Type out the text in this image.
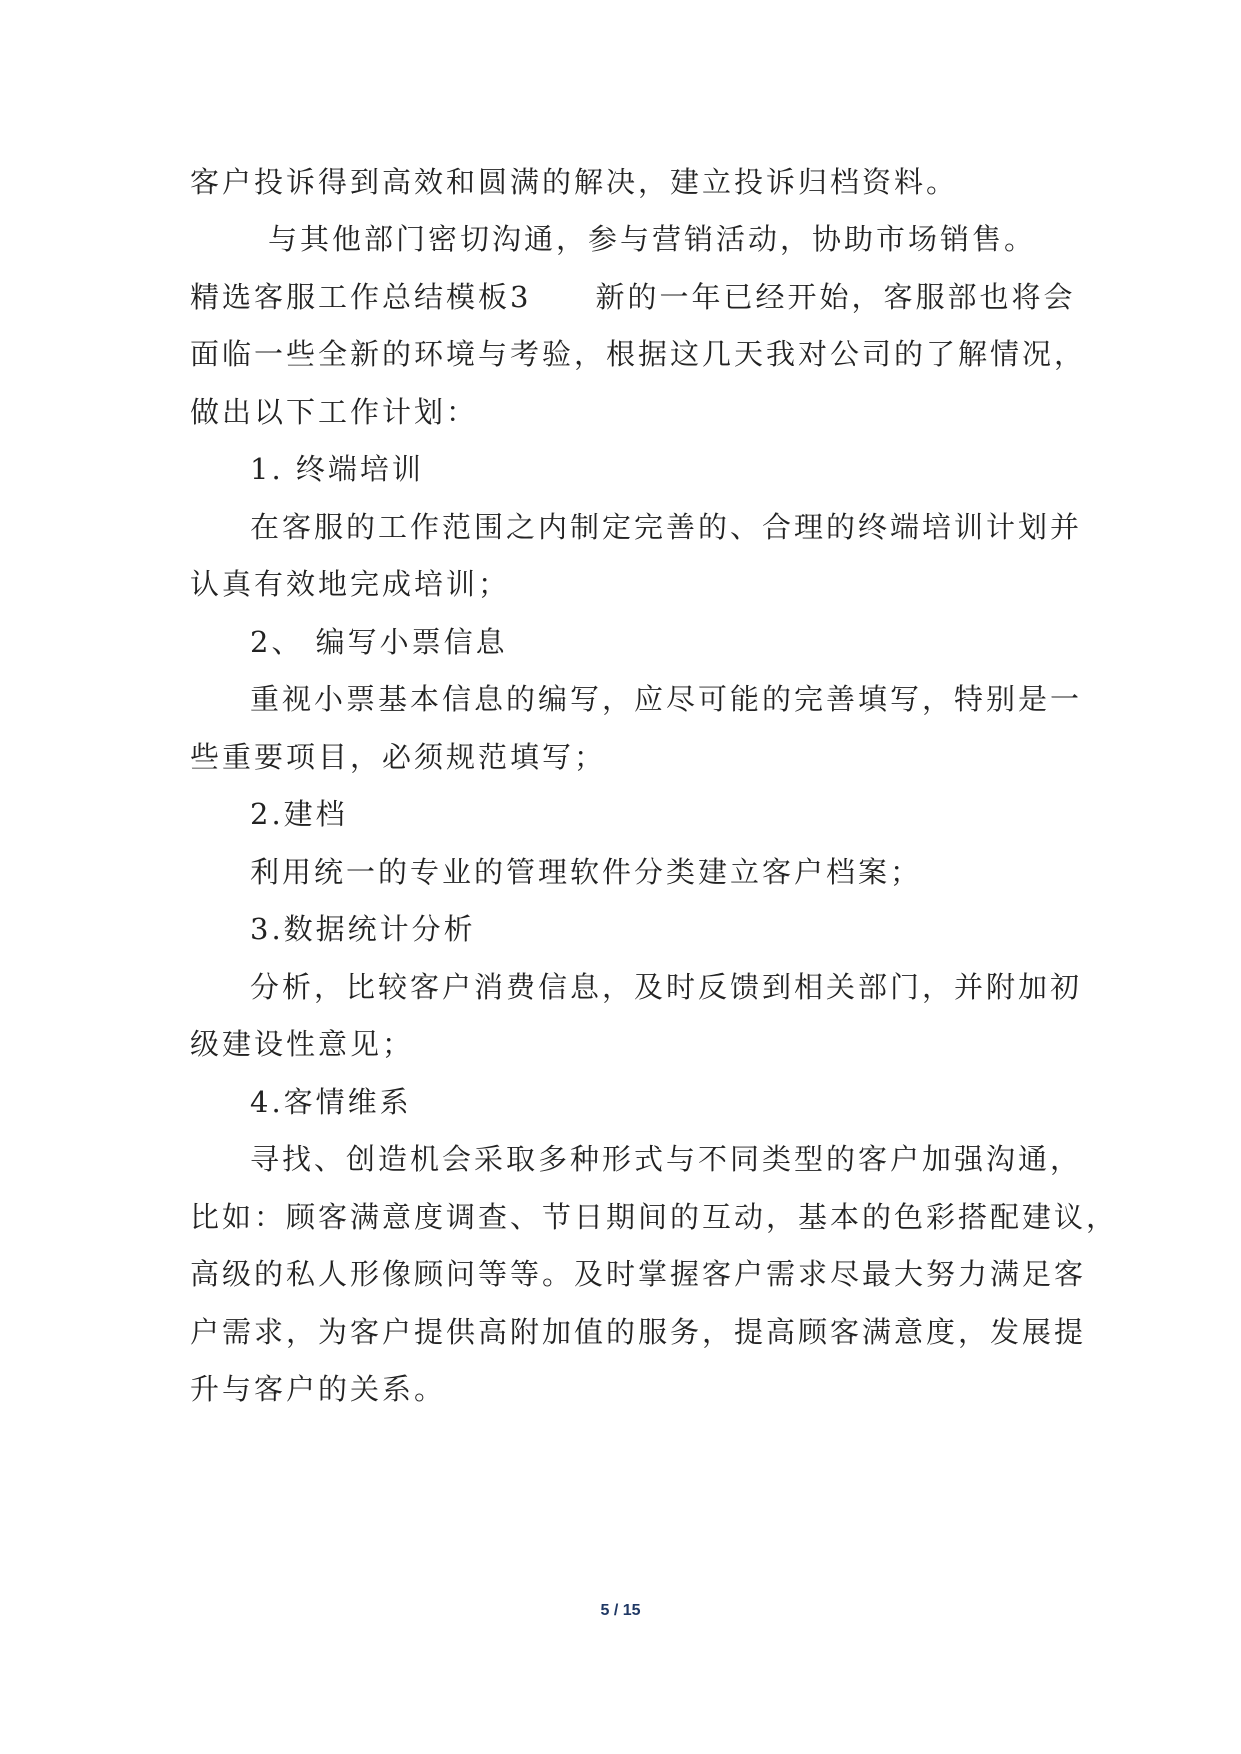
客户投诉得到高效和圆满的解决，建立投诉归档资料。
与其他部门密切沟通，参与营销活动，协助市场销售。
精选客服工作总结模板3　　新的一年已经开始，客服部也将会
面临一些全新的环境与考验，根据这几天我对公司的了解情况，
做出以下工作计划：
1. 终端培训
在客服的工作范围之内制定完善的、合理的终端培训计划并
认真有效地完成培训；
2、 编写小票信息
重视小票基本信息的编写，应尽可能的完善填写，特别是一
些重要项目，必须规范填写；
2.建档
利用统一的专业的管理软件分类建立客户档案；
3.数据统计分析
分析，比较客户消费信息，及时反馈到相关部门，并附加初
级建设性意见；
4.客情维系
寻找、创造机会采取多种形式与不同类型的客户加强沟通，
比如：顾客满意度调查、节日期间的互动，基本的色彩搭配建议，
高级的私人形像顾问等等。及时掌握客户需求尽最大努力满足客
户需求，为客户提供高附加值的服务，提高顾客满意度，发展提
升与客户的关系。
5 / 15
